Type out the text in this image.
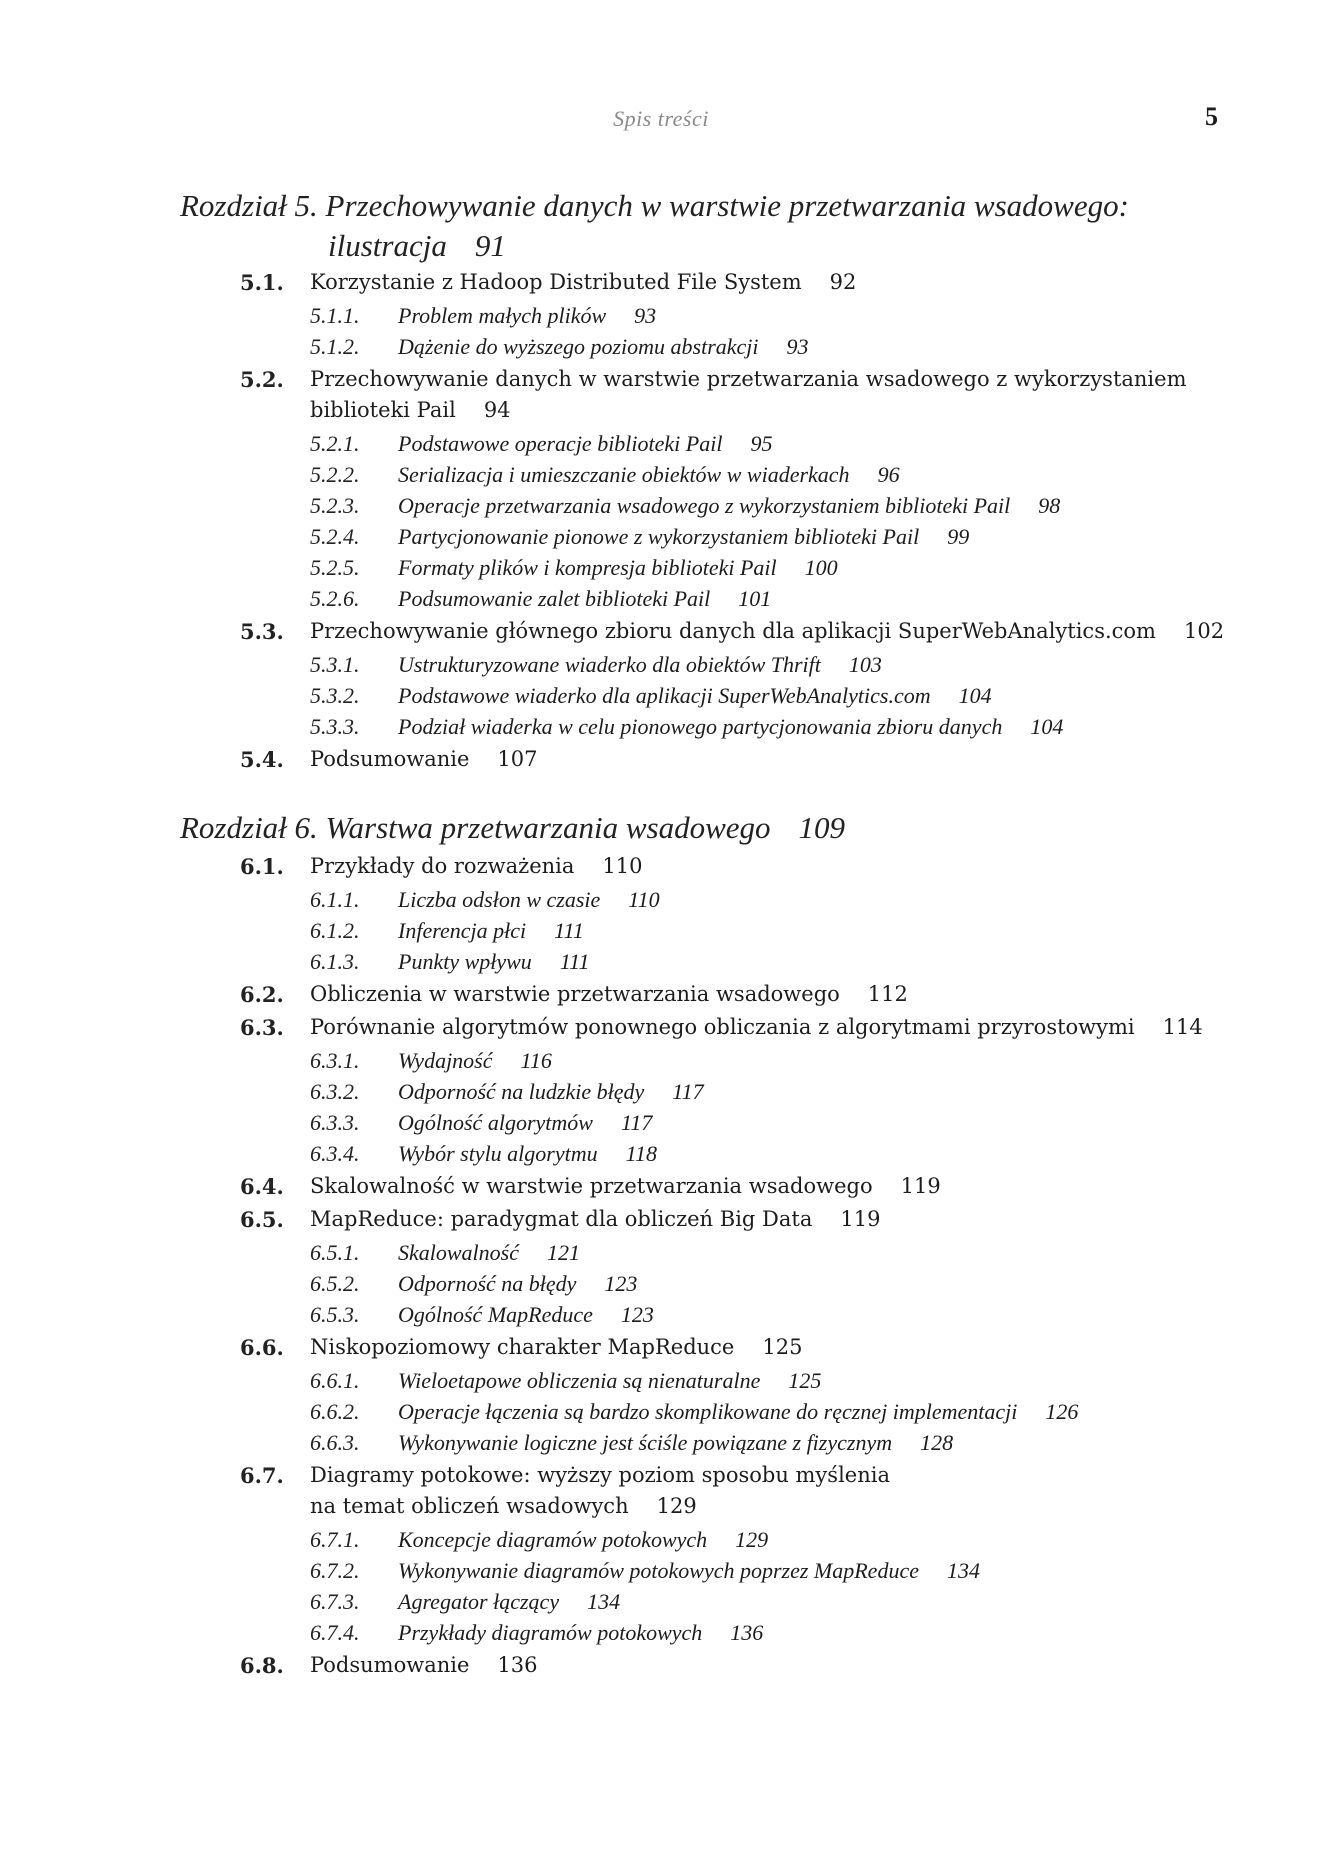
Spis treści	5
Rozdział 5. Przechowywanie danych w warstwie przetwarzania wsadowego:
ilustracja 91
5.1. Korzystanie z Hadoop Distributed File System 92
5.1.1. Problem małych plików 93
5.1.2. Dążenie do wyższego poziomu abstrakcji 93
5.2. Przechowywanie danych w warstwie przetwarzania wsadowego z wykorzystaniem
biblioteki Pail 94
5.2.1. Podstawowe operacje biblioteki Pail 95
5.2.2. Serializacja i umieszczanie obiektów w wiaderkach 96
5.2.3. Operacje przetwarzania wsadowego z wykorzystaniem biblioteki Pail 98
5.2.4. Partycjonowanie pionowe z wykorzystaniem biblioteki Pail 99
5.2.5. Formaty plików i kompresja biblioteki Pail 100
5.2.6. Podsumowanie zalet biblioteki Pail 101
5.3. Przechowywanie głównego zbioru danych dla aplikacji SuperWebAnalytics.com 102
5.3.1. Ustrukturyzowane wiaderko dla obiektów Thrift 103
5.3.2. Podstawowe wiaderko dla aplikacji SuperWebAnalytics.com 104
5.3.3. Podział wiaderka w celu pionowego partycjonowania zbioru danych 104
5.4. Podsumowanie 107
Rozdział 6. Warstwa przetwarzania wsadowego 109
6.1. Przykłady do rozważenia 110
6.1.1. Liczba odsłon w czasie 110
6.1.2. Inferencja płci 111
6.1.3. Punkty wpływu 111
6.2. Obliczenia w warstwie przetwarzania wsadowego 112
6.3. Porównanie algorytmów ponownego obliczania z algorytmami przyrostowymi 114
6.3.1. Wydajność 116
6.3.2. Odporność na ludzkie błędy 117
6.3.3. Ogólność algorytmów 117
6.3.4. Wybór stylu algorytmu 118
6.4. Skalowalność w warstwie przetwarzania wsadowego 119
6.5. MapReduce: paradygmat dla obliczeń Big Data 119
6.5.1. Skalowalność 121
6.5.2. Odporność na błędy 123
6.5.3. Ogólność MapReduce 123
6.6. Niskopoziomowy charakter MapReduce 125
6.6.1. Wieloetapowe obliczenia są nienaturalne 125
6.6.2. Operacje łączenia są bardzo skomplikowane do ręcznej implementacji 126
6.6.3. Wykonywanie logiczne jest ściśle powiązane z fizycznym 128
6.7. Diagramy potokowe: wyższy poziom sposobu myślenia
na temat obliczeń wsadowych 129
6.7.1. Koncepcje diagramów potokowych 129
6.7.2. Wykonywanie diagramów potokowych poprzez MapReduce 134
6.7.3. Agregator łączący 134
6.7.4. Przykłady diagramów potokowych 136
6.8. Podsumowanie 136
